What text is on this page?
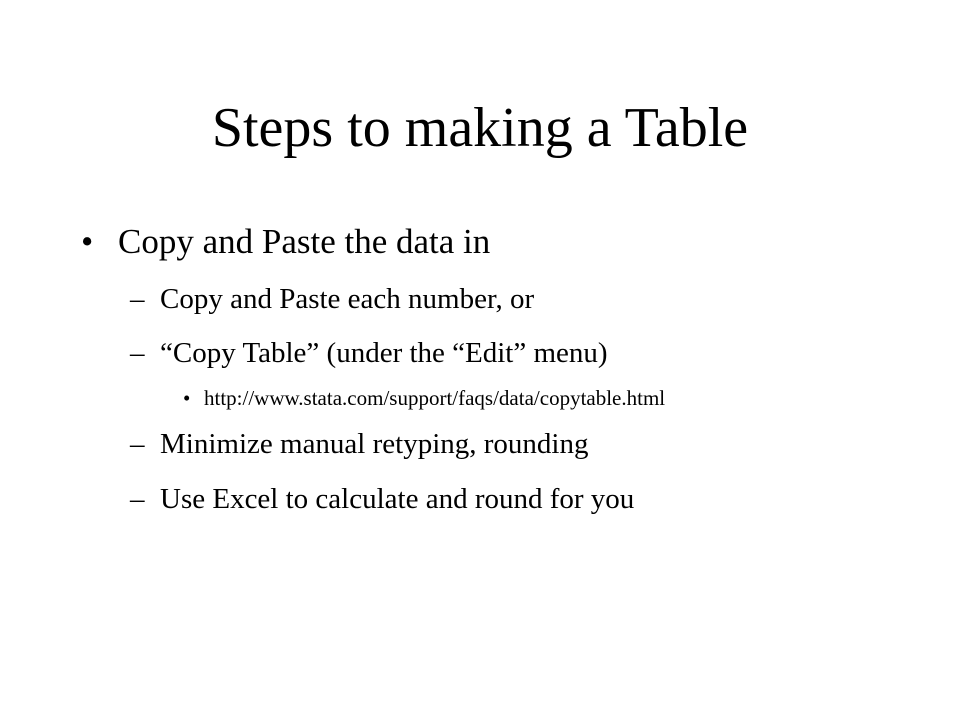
Steps to making a Table
• Copy and Paste the data in
– Copy and Paste each number, or
– “Copy Table” (under the “Edit” menu)
• http://www.stata.com/support/faqs/data/copytable.html
– Minimize manual retyping, rounding
– Use Excel to calculate and round for you
